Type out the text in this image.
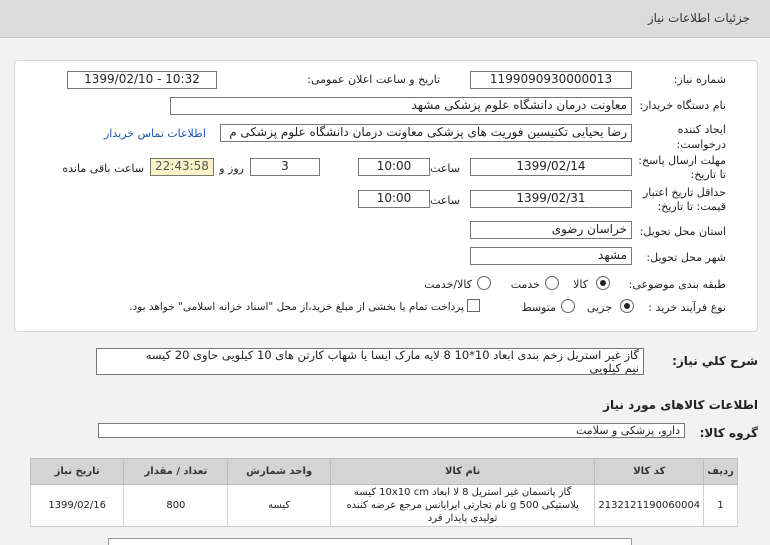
جزئیات اطلاعات نیاز
شماره نیاز:
1199090930000013
تاریخ و ساعت اعلان عمومی:
1399/02/10 - 10:32
نام دستگاه خریدار:
معاونت درمان دانشگاه علوم پزشکی مشهد
ایجاد کننده
درخواست:
رضا یحیایی تکنیسین فوریت های پزشکی معاونت درمان دانشگاه علوم پزشکی م
اطلاعات تماس خریدار
مهلت ارسال پاسخ:
تا تاریخ:
1399/02/14
ساعت
10:00
3
روز و
22:43:58
ساعت باقی مانده
حداقل تاریخ اعتبار
قیمت: تا تاریخ:
1399/02/31
ساعت
10:00
استان محل تحویل:
خراسان رضوی
شهر محل تحویل:
مشهد
طبقه بندی موضوعی:
کالا
خدمت
کالا/خدمت
نوع فرآیند خرید :
جزیی
متوسط
پرداخت تمام یا بخشی از مبلغ خرید،از محل "اسناد خزانه اسلامی" خواهد بود.
شرح کلي نياز:
گاز غیر استریل زخم بندی ابعاد 10*10 8 لایه مارک ایسا یا شهاب کارتن های 10 کیلویی حاوی 20 کیسه
نیم کیلویی
اطلاعات کالاهای مورد نیاز
گروه کالا:
دارو، پزشکی و سلامت
ردیف	کد کالا	نام کالا	واحد شمارش	تعداد / مقدار	تاریخ نیاز
1	2132121190060004	گاز پانسمان غیر استریل 8 لا ابعاد 10x10 cm کیسه پلاستیکی 500 g نام تجارتی ایرایانس مرجع عرضه کننده تولیدی پایدار فرد	کیسه	800	1399/02/16
